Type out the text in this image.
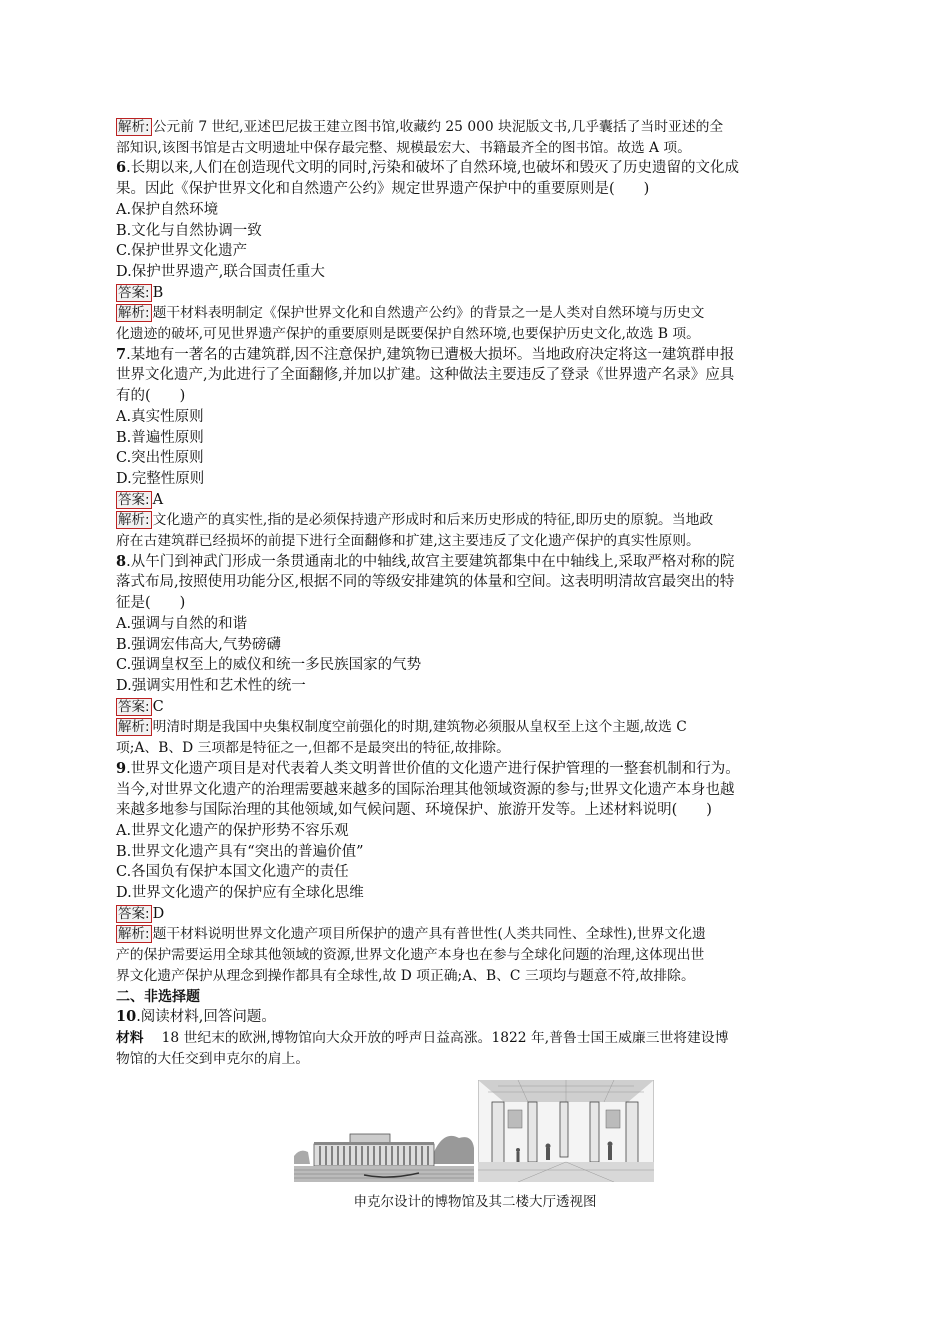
解析: 公元前 7 世纪,亚述巴尼拔王建立图书馆,收藏约 25 000 块泥版文书,几乎囊括了当时亚述的全

部知识,该图书馆是古文明遗址中保存最完整、规模最宏大、书籍最齐全的图书馆。故选 A 项。

6.长期以来,人们在创造现代文明的同时,污染和破坏了自然环境,也破坏和毁灭了历史遗留的文化成

果。因此《保护世界文化和自然遗产公约》规定世界遗产保护中的重要原则是(　　)

A.保护自然环境

B.文化与自然协调一致

C.保护世界文化遗产

D.保护世界遗产,联合国责任重大

答案: B

解析: 题干材料表明制定《保护世界文化和自然遗产公约》的背景之一是人类对自然环境与历史文

化遗迹的破坏,可见世界遗产保护的重要原则是既要保护自然环境,也要保护历史文化,故选 B 项。

7.某地有一著名的古建筑群,因不注意保护,建筑物已遭极大损坏。当地政府决定将这一建筑群申报

世界文化遗产,为此进行了全面翻修,并加以扩建。这种做法主要违反了登录《世界遗产名录》应具

有的(　　)

A.真实性原则

B.普遍性原则

C.突出性原则

D.完整性原则

答案: A

解析: 文化遗产的真实性,指的是必须保持遗产形成时和后来历史形成的特征,即历史的原貌。当地政

府在古建筑群已经损坏的前提下进行全面翻修和扩建,这主要违反了文化遗产保护的真实性原则。

8.从午门到神武门形成一条贯通南北的中轴线,故宫主要建筑都集中在中轴线上,采取严格对称的院

落式布局,按照使用功能分区,根据不同的等级安排建筑的体量和空间。这表明明清故宫最突出的特

征是(　　)

A.强调与自然的和谐

B.强调宏伟高大,气势磅礴

C.强调皇权至上的威仪和统一多民族国家的气势

D.强调实用性和艺术性的统一

答案: C

解析: 明清时期是我国中央集权制度空前强化的时期,建筑物必须服从皇权至上这个主题,故选 C

项;A、B、D 三项都是特征之一,但都不是最突出的特征,故排除。

9.世界文化遗产项目是对代表着人类文明普世价值的文化遗产进行保护管理的一整套机制和行为。

当今,对世界文化遗产的治理需要越来越多的国际治理其他领域资源的参与;世界文化遗产本身也越

来越多地参与国际治理的其他领域,如气候问题、环境保护、旅游开发等。上述材料说明(　　)

A.世界文化遗产的保护形势不容乐观

B.世界文化遗产具有“突出的普遍价值”

C.各国负有保护本国文化遗产的责任

D.世界文化遗产的保护应有全球化思维

答案: D

解析: 题干材料说明世界文化遗产项目所保护的遗产具有普世性(人类共同性、全球性),世界文化遗

产的保护需要运用全球其他领域的资源,世界文化遗产本身也在参与全球化问题的治理,这体现出世

界文化遗产保护从理念到操作都具有全球性,故 D 项正确;A、B、C 三项均与题意不符,故排除。

二、非选择题

10.阅读材料,回答问题。

材料 18 世纪末的欧洲,博物馆向大众开放的呼声日益高涨。1822 年,普鲁士国王威廉三世将建设博

物馆的大任交到申克尔的肩上。

申克尔设计的博物馆及其二楼大厅透视图
